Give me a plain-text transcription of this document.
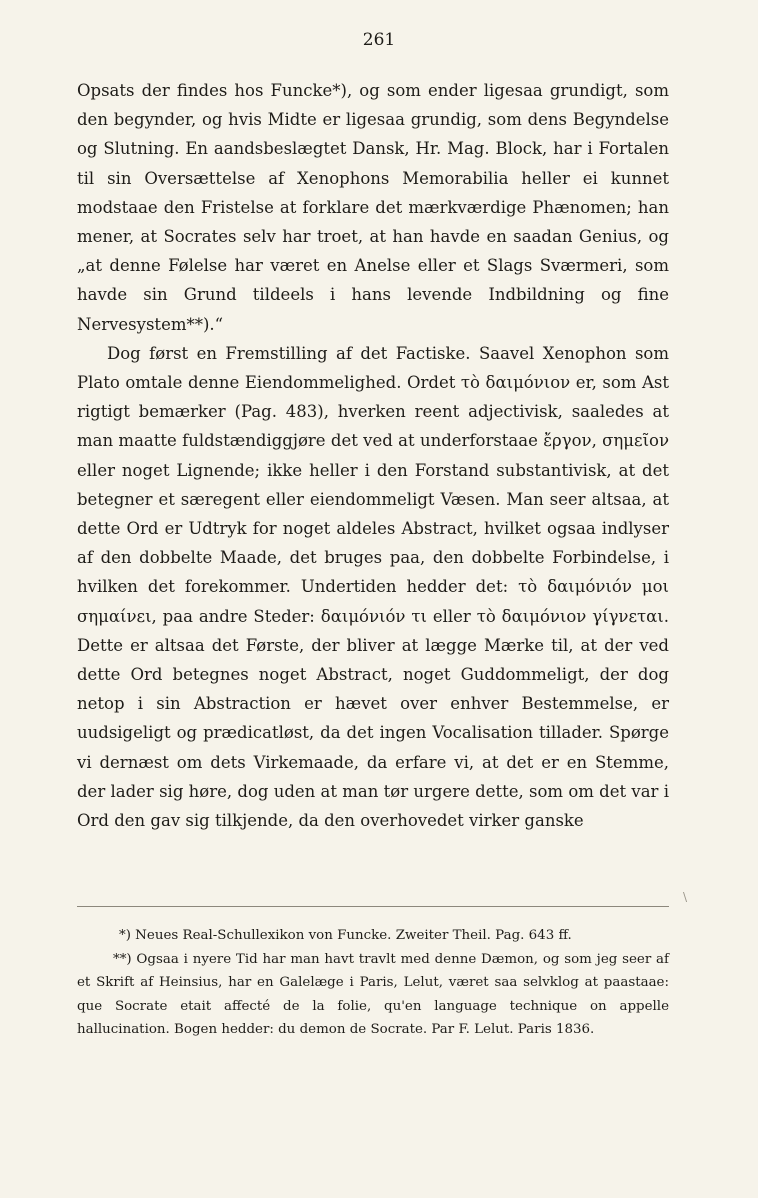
261

Opsats der findes hos Funcke*), og som ender ligesaa grundigt, som den begynder, og hvis Midte er ligesaa grundig, som dens Begyndelse og Slutning. En aandsbeslægtet Dansk, Hr. Mag. Block, har i Fortalen til sin Oversættelse af Xenophons Memorabilia heller ei kunnet modstaae den Fristelse at forklare det mærkværdige Phænomen; han mener, at Socrates selv har troet, at han havde en saadan Genius, og „at denne Følelse har været en Anelse eller et Slags Sværmeri, som havde sin Grund tildeels i hans levende Indbildning og fine Nervesystem**).“

Dog først en Fremstilling af det Factiske. Saavel Xenophon som Plato omtale denne Eiendommelighed. Ordet τὸ δαιμόνιον er, som Ast rigtigt bemærker (Pag. 483), hverken reent adjectivisk, saaledes at man maatte fuldstændiggjøre det ved at underforstaae ἔργον, σημεῖον eller noget Lignende; ikke heller i den Forstand substantivisk, at det betegner et særegent eller eiendommeligt Væsen. Man seer altsaa, at dette Ord er Udtryk for noget aldeles Abstract, hvilket ogsaa indlyser af den dobbelte Maade, det bruges paa, den dobbelte Forbindelse, i hvilken det forekommer. Undertiden hedder det: τὸ δαιμόνιόν μοι σημαίνει, paa andre Steder: δαιμόνιόν τι eller τὸ δαιμόνιον γίγνεται. Dette er altsaa det Første, der bliver at lægge Mærke til, at der ved dette Ord betegnes noget Abstract, noget Guddommeligt, der dog netop i sin Abstraction er hævet over enhver Bestemmelse, er uudsigeligt og prædicatløst, da det ingen Vocalisation tillader. Spørge vi dernæst om dets Virkemaade, da erfare vi, at det er en Stemme, der lader sig høre, dog uden at man tør urgere dette, som om det var i Ord den gav sig tilkjende, da den overhovedet virker ganske

\

*) Neues Real-Schullexikon von Funcke. Zweiter Theil. Pag. 643 ff.

**) Ogsaa i nyere Tid har man havt travlt med denne Dæmon, og som jeg seer af et Skrift af Heinsius, har en Galelæge i Paris, Lelut, været saa selvklog at paastaae: que Socrate etait affecté de la folie, qu'en language technique on appelle hallucination. Bogen hedder: du demon de Socrate. Par F. Lelut. Paris 1836.
